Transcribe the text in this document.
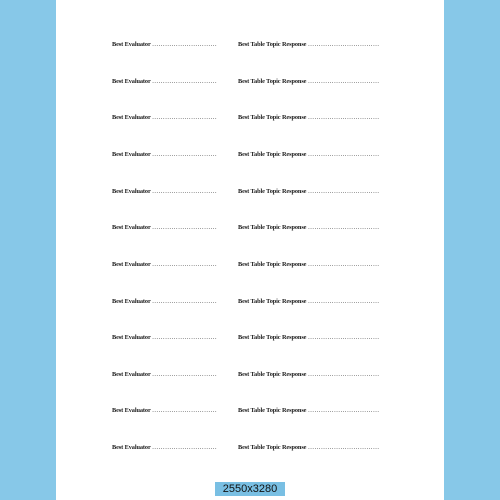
Best Evaluator …………………………	Best Table Topic Response ……………………………
Best Evaluator …………………………	Best Table Topic Response ……………………………
Best Evaluator …………………………	Best Table Topic Response ……………………………
Best Evaluator …………………………	Best Table Topic Response ……………………………
Best Evaluator …………………………	Best Table Topic Response ……………………………
Best Evaluator …………………………	Best Table Topic Response ……………………………
Best Evaluator …………………………	Best Table Topic Response ……………………………
Best Evaluator …………………………	Best Table Topic Response ……………………………
Best Evaluator …………………………	Best Table Topic Response ……………………………
Best Evaluator …………………………	Best Table Topic Response ……………………………
Best Evaluator …………………………	Best Table Topic Response ……………………………
Best Evaluator …………………………	Best Table Topic Response ……………………………
2550x3280
